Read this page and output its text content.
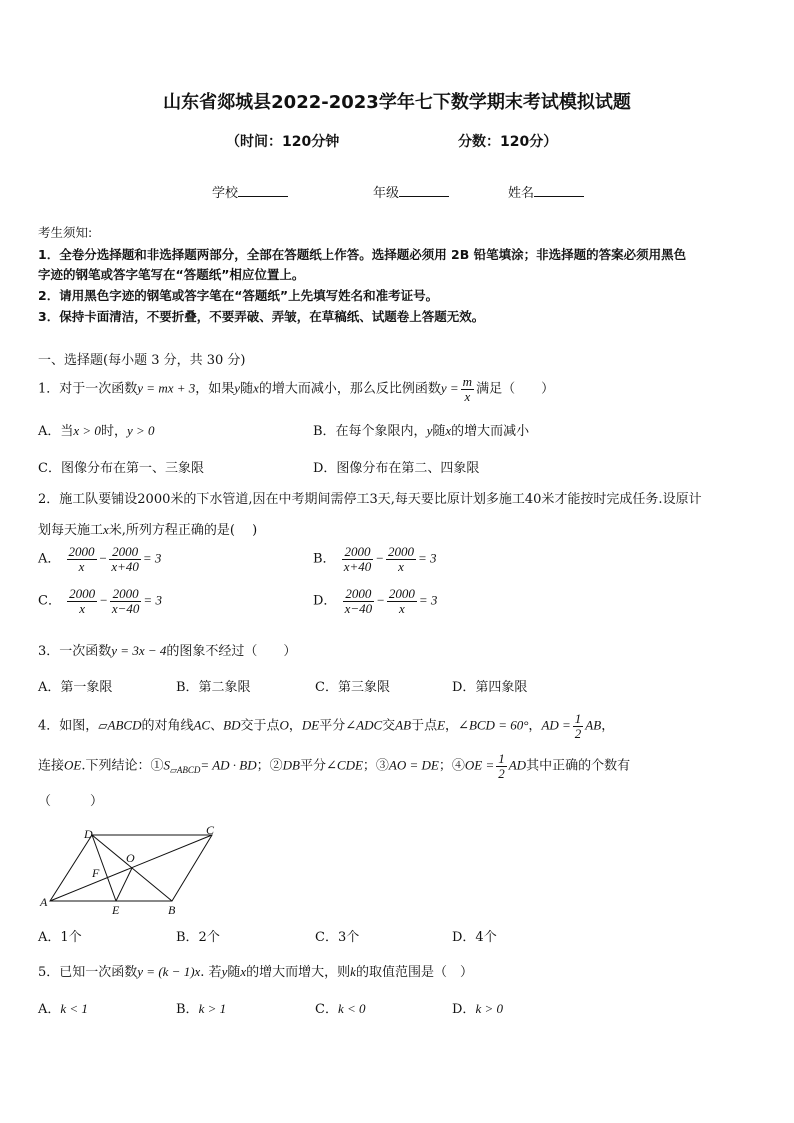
山东省郯城县2022-2023学年七下数学期末考试模拟试题
（时间：120分钟	分数：120分）
学校	年级	姓名
考生须知:
1．全卷分选择题和非选择题两部分，全部在答题纸上作答。选择题必须用 2B 铅笔填涂；非选择题的答案必须用黑色
字迹的钢笔或答字笔写在“答题纸”相应位置上。
2．请用黑色字迹的钢笔或答字笔在“答题纸”上先填写姓名和准考证号。
3．保持卡面清洁，不要折叠，不要弄破、弄皱，在草稿纸、试题卷上答题无效。
一、选择题(每小题 3 分，共 30 分)
1．对于一次函数y = mx + 3，如果y随x的增大而减小，那么反比例函数$y = \frac{m}{x}$ 满足（　　）
A．当x > 0时，y > 0	B．在每个象限内，y随x的增大而减小
C．图像分布在第一、三象限	D．图像分布在第二、四象限
2．施工队要铺设2000米的下水管道,因在中考期间需停工3天,每天要比原计划多施工40米才能按时完成任务.设原计
划每天施工x米,所列方程正确的是(　 )
A． $\frac{2000}{x} - \frac{2000}{x+40} = 3$	B． $\frac{2000}{x+40} - \frac{2000}{x} = 3$
C． $\frac{2000}{x} - \frac{2000}{x-40} = 3$	D． $\frac{2000}{x-40} - \frac{2000}{x} = 3$
3．一次函数y = 3x − 4的图象不经过（　　）
A．第一象限	B．第二象限	C．第三象限	D．第四象限
4．如图，▱ABCD的对角线AC、BD交于点O，DE平分∠ADC交AB于点E，∠BCD = 60°，AD = $\frac{1}{2}$ AB，
连接OE.下列结论：$①S_{▱ABCD}=$ AD · BD；②DB平分∠CDE；③AO = DE；④OE = $\frac{1}{2}$ AD其中正确的个数有
（　　　）
A
B
C
D
E
F
O
A．1个	B．2个	C．3个	D．4个
5．已知一次函数y = (k − 1)x. 若y随x的增大而增大，则k的取值范围是（　）
A．k < 1	B．k > 1	C．k < 0	D．k > 0
